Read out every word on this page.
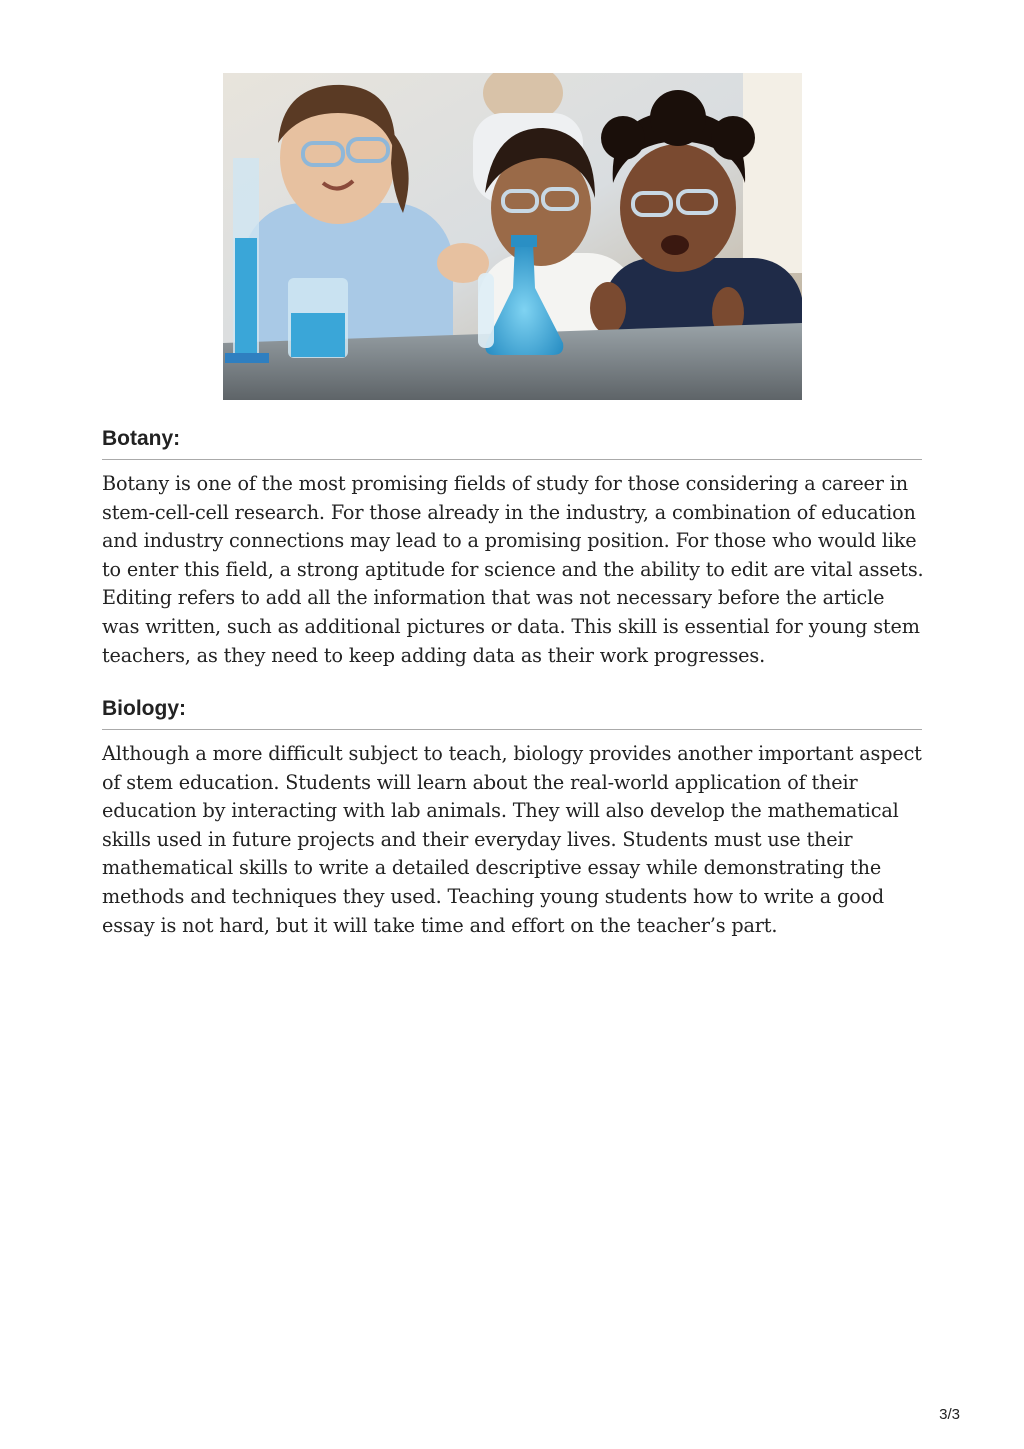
Botany:

Botany is one of the most promising fields of study for those considering a career in stem-cell-cell research. For those already in the industry, a combination of education and industry connections may lead to a promising position. For those who would like to enter this field, a strong aptitude for science and the ability to edit are vital assets. Editing refers to add all the information that was not necessary before the article was written, such as additional pictures or data. This skill is essential for young stem teachers, as they need to keep adding data as their work progresses.

Biology:

Although a more difficult subject to teach, biology provides another important aspect of stem education. Students will learn about the real-world application of their education by interacting with lab animals. They will also develop the mathematical skills used in future projects and their everyday lives. Students must use their mathematical skills to write a detailed descriptive essay while demonstrating the methods and techniques they used. Teaching young students how to write a good essay is not hard, but it will take time and effort on the teacher’s part.

3/3
